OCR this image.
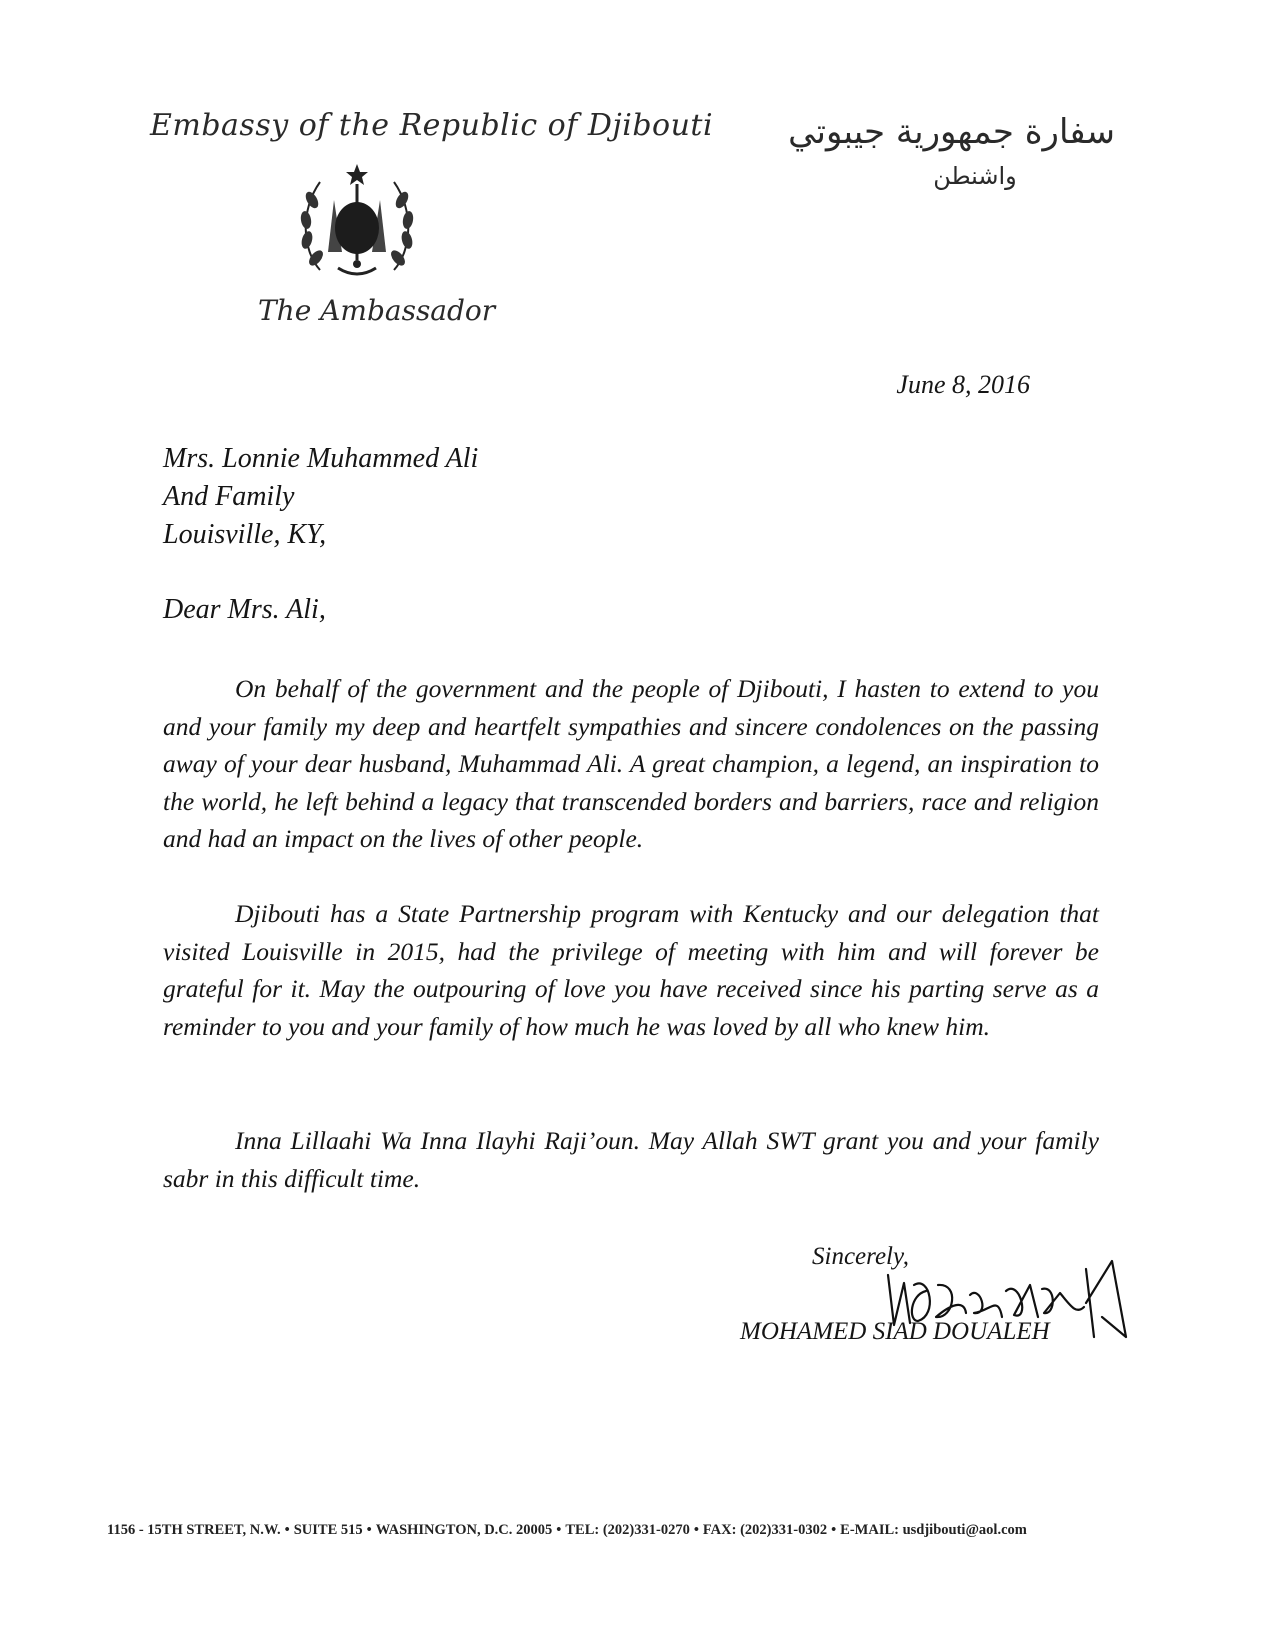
Embassy of the Republic of Djibouti
The Ambassador
سفارة جمهورية جيبوتي
واشنطن
June 8, 2016
Mrs. Lonnie Muhammed Ali
And Family
Louisville, KY,
Dear Mrs. Ali,

On behalf of the government and the people of Djibouti, I hasten to extend to you and your family my deep and heartfelt sympathies and sincere condolences on the passing away of your dear husband, Muhammad Ali. A great champion, a legend, an inspiration to the world, he left behind a legacy that transcended borders and barriers, race and religion and had an impact on the lives of other people.

Djibouti has a State Partnership program with Kentucky and our delegation that visited Louisville in 2015, had the privilege of meeting with him and will forever be grateful for it. May the outpouring of love you have received since his parting serve as a reminder to you and your family of how much he was loved by all who knew him.

Inna Lillaahi Wa Inna Ilayhi Raji’oun. May Allah SWT grant you and your family sabr in this difficult time.

Sincerely,
MOHAMED SIAD DOUALEH
1156 - 15TH STREET, N.W. • SUITE 515 • WASHINGTON, D.C. 20005 • TEL: (202)331-0270 • FAX: (202)331-0302 • E-MAIL: usdjibouti@aol.com
